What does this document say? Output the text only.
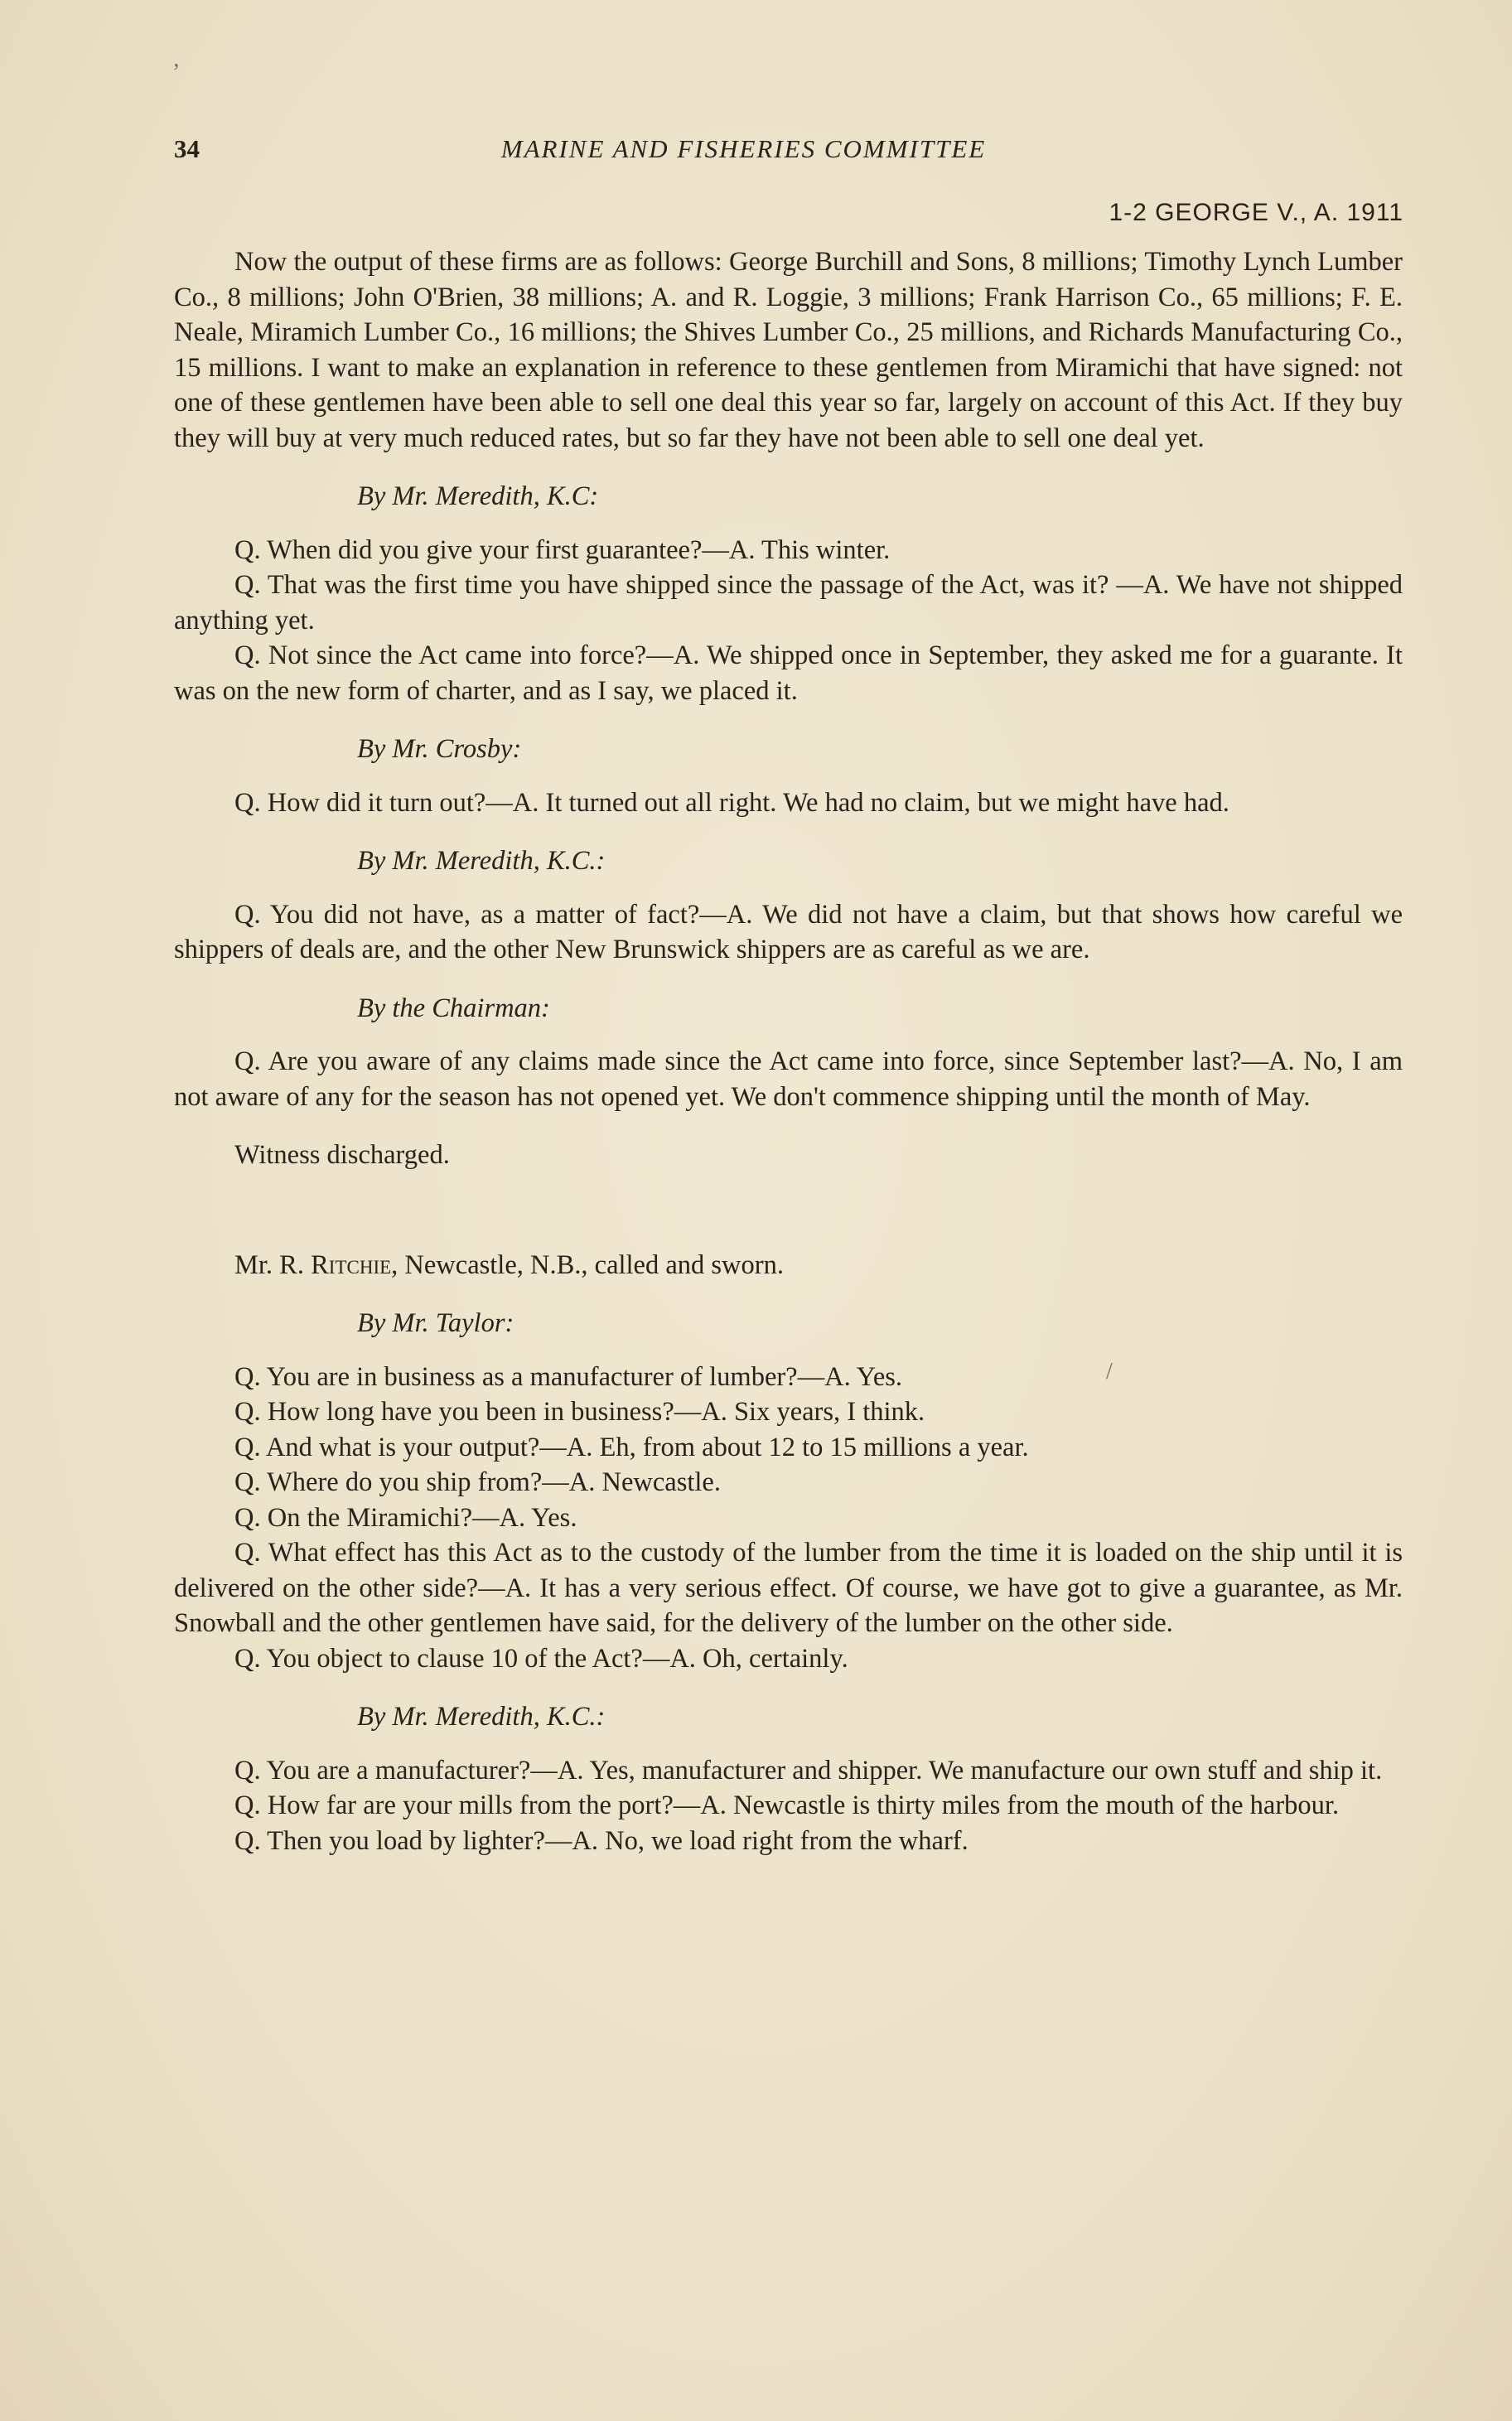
ʼ
/
34	MARINE AND FISHERIES COMMITTEE
1-2 GEORGE V., A. 1911

Now the output of these firms are as follows: George Burchill and Sons, 8 millions; Timothy Lynch Lumber Co., 8 millions; John O'Brien, 38 millions; A. and R. Loggie, 3 millions; Frank Harrison Co., 65 millions; F. E. Neale, Miramich Lumber Co., 16 millions; the Shives Lumber Co., 25 millions, and Richards Manufacturing Co., 15 millions. I want to make an explanation in reference to these gentlemen from Miramichi that have signed: not one of these gentlemen have been able to sell one deal this year so far, largely on account of this Act. If they buy they will buy at very much reduced rates, but so far they have not been able to sell one deal yet.

By Mr. Meredith, K.C:

Q. When did you give your first guarantee?—A. This winter.

Q. That was the first time you have shipped since the passage of the Act, was it? —A. We have not shipped anything yet.

Q. Not since the Act came into force?—A. We shipped once in September, they asked me for a guarante. It was on the new form of charter, and as I say, we placed it.

By Mr. Crosby:

Q. How did it turn out?—A. It turned out all right. We had no claim, but we might have had.

By Mr. Meredith, K.C.:

Q. You did not have, as a matter of fact?—A. We did not have a claim, but that shows how careful we shippers of deals are, and the other New Brunswick shippers are as careful as we are.

By the Chairman:

Q. Are you aware of any claims made since the Act came into force, since September last?—A. No, I am not aware of any for the season has not opened yet. We don't commence shipping until the month of May.

Witness discharged.

Mr. R. Ritchie, Newcastle, N.B., called and sworn.

By Mr. Taylor:

Q. You are in business as a manufacturer of lumber?—A. Yes.

Q. How long have you been in business?—A. Six years, I think.

Q. And what is your output?—A. Eh, from about 12 to 15 millions a year.

Q. Where do you ship from?—A. Newcastle.

Q. On the Miramichi?—A. Yes.

Q. What effect has this Act as to the custody of the lumber from the time it is loaded on the ship until it is delivered on the other side?—A. It has a very serious effect. Of course, we have got to give a guarantee, as Mr. Snowball and the other gentlemen have said, for the delivery of the lumber on the other side.

Q. You object to clause 10 of the Act?—A. Oh, certainly.

By Mr. Meredith, K.C.:

Q. You are a manufacturer?—A. Yes, manufacturer and shipper. We manufacture our own stuff and ship it.

Q. How far are your mills from the port?—A. Newcastle is thirty miles from the mouth of the harbour.

Q. Then you load by lighter?—A. No, we load right from the wharf.
